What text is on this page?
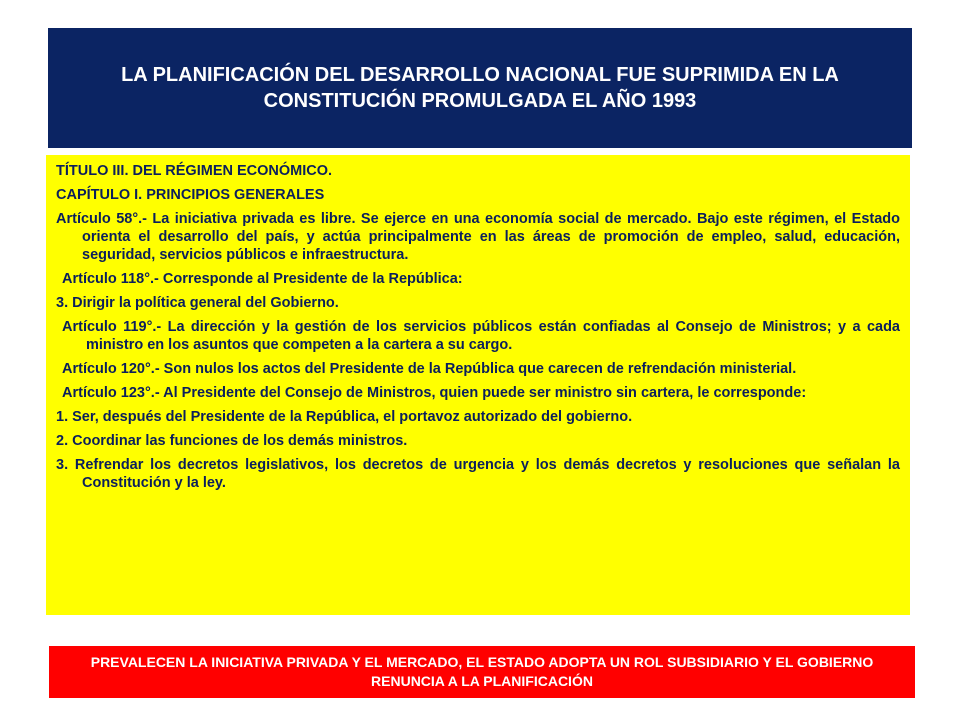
LA PLANIFICACIÓN DEL DESARROLLO NACIONAL FUE SUPRIMIDA EN LA CONSTITUCIÓN PROMULGADA EL AÑO 1993

TÍTULO III. DEL RÉGIMEN ECONÓMICO.

CAPÍTULO I. PRINCIPIOS GENERALES

Artículo 58°.- La iniciativa privada es libre. Se ejerce en una economía social de mercado. Bajo este régimen, el Estado orienta el desarrollo del país, y actúa principalmente en las áreas de promoción de empleo, salud, educación, seguridad, servicios públicos e infraestructura.

Artículo 118°.- Corresponde al Presidente de la República:

3. Dirigir la política general del Gobierno.

Artículo 119°.- La dirección y la gestión de los servicios públicos están confiadas al Consejo de Ministros; y a cada ministro en los asuntos que competen a la cartera a su cargo.

Artículo 120°.- Son nulos los actos del Presidente de la República que carecen de refrendación ministerial.

Artículo 123°.- Al Presidente del Consejo de Ministros, quien puede ser ministro sin cartera, le corresponde:

1. Ser, después del Presidente de la República, el portavoz autorizado del gobierno.

2. Coordinar las funciones de los demás ministros.

3. Refrendar los decretos legislativos, los decretos de urgencia y los demás decretos y resoluciones que señalan la Constitución y la ley.

PREVALECEN LA INICIATIVA PRIVADA Y EL MERCADO, EL ESTADO ADOPTA UN ROL SUBSIDIARIO Y EL GOBIERNO RENUNCIA A LA PLANIFICACIÓN
